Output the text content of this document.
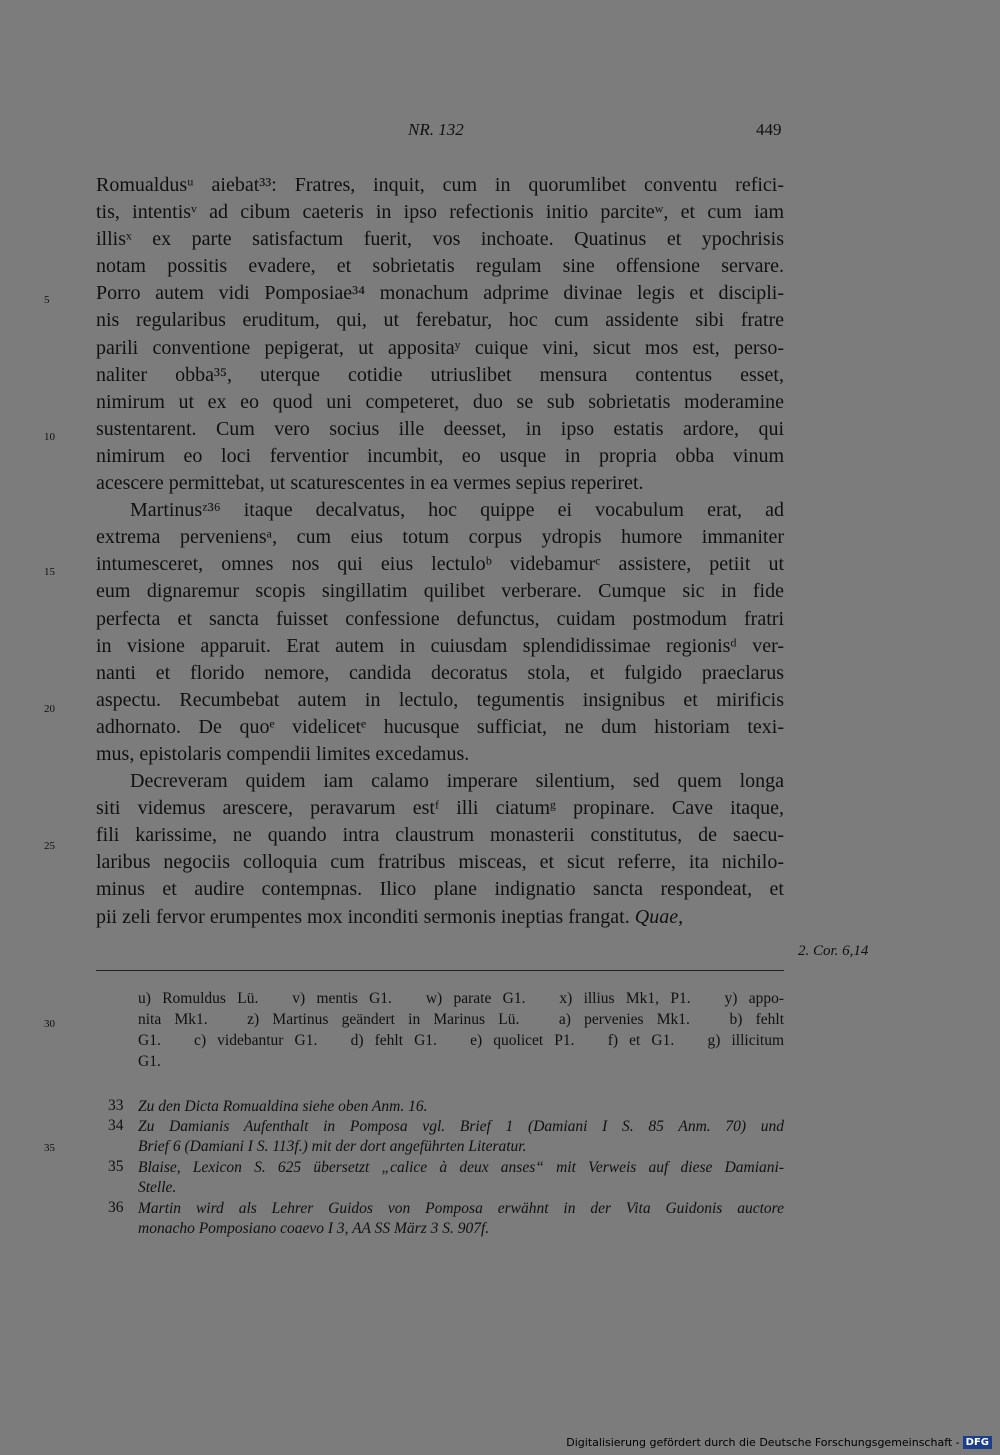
NR. 132	449
Romualdusᵘ aiebat³³: Fratres, inquit, cum in quorumlibet conventu refici-
tis, intentisᵛ ad cibum caeteris in ipso refectionis initio parciteʷ, et cum iam
illisˣ ex parte satisfactum fuerit, vos inchoate. Quatinus et ypochrisis
notam possitis evadere, et sobrietatis regulam sine offensione servare.
Porro autem vidi Pomposiae³⁴ monachum adprime divinae legis et discipli-
nis regularibus eruditum, qui, ut ferebatur, hoc cum assidente sibi fratre
parili conventione pepigerat, ut appositaʸ cuique vini, sicut mos est, perso-
naliter obba³⁵, uterque cotidie utriuslibet mensura contentus esset,
nimirum ut ex eo quod uni competeret, duo se sub sobrietatis moderamine
sustentarent. Cum vero socius ille deesset, in ipso estatis ardore, qui
nimirum eo loci ferventior incumbit, eo usque in propria obba vinum
acescere permittebat, ut scaturescentes in ea vermes sepius reperiret.
Martinusᶻ³⁶ itaque decalvatus, hoc quippe ei vocabulum erat, ad
extrema perveniensᵃ, cum eius totum corpus ydropis humore immaniter
intumesceret, omnes nos qui eius lectuloᵇ videbamurᶜ assistere, petiit ut
eum dignaremur scopis singillatim quilibet verberare. Cumque sic in fide
perfecta et sancta fuisset confessione defunctus, cuidam postmodum fratri
in visione apparuit. Erat autem in cuiusdam splendidissimae regionisᵈ ver-
nanti et florido nemore, candida decoratus stola, et fulgido praeclarus
aspectu. Recumbebat autem in lectulo, tegumentis insignibus et mirificis
adhornato. De quoᵉ videlicetᵉ hucusque sufficiat, ne dum historiam texi-
mus, epistolaris compendii limites excedamus.
Decreveram quidem iam calamo imperare silentium, sed quem longa
siti videmus arescere, peravarum estᶠ illi ciatumᵍ propinare. Cave itaque,
fili karissime, ne quando intra claustrum monasterii constitutus, de saecu-
laribus negociis colloquia cum fratribus misceas, et sicut referre, ita nichilo-
minus et audire contempnas. Ilico plane indignatio sancta respondeat, et
pii zeli fervor erumpentes mox inconditi sermonis ineptias frangat. Quae,
5
10
15
20
25
30
35
2. Cor. 6,14
u) Romuldus Lü.   v) mentis G1.   w) parate G1.   x) illius Mk1, P1.   y) appo-
nita Mk1.   z) Martinus geändert in Marinus Lü.   a) pervenies Mk1.   b) fehlt
G1.   c) videbantur G1.   d) fehlt G1.   e) quolicet P1.   f) et G1.   g) illicitum
G1.
33 Zu den Dicta Romualdina siehe oben Anm. 16.
34 Zu Damianis Aufenthalt in Pomposa vgl. Brief 1 (Damiani I S. 85 Anm. 70) und
Brief 6 (Damiani I S. 113f.) mit der dort angeführten Literatur.
35 Blaise, Lexicon S. 625 übersetzt „calice à deux anses“ mit Verweis auf diese Damiani-
Stelle.
36 Martin wird als Lehrer Guidos von Pomposa erwähnt in der Vita Guidonis auctore
monacho Pomposiano coaevo I 3, AA SS März 3 S. 907f.
Digitalisierung gefördert durch die Deutsche Forschungsgemeinschaft - DFG
